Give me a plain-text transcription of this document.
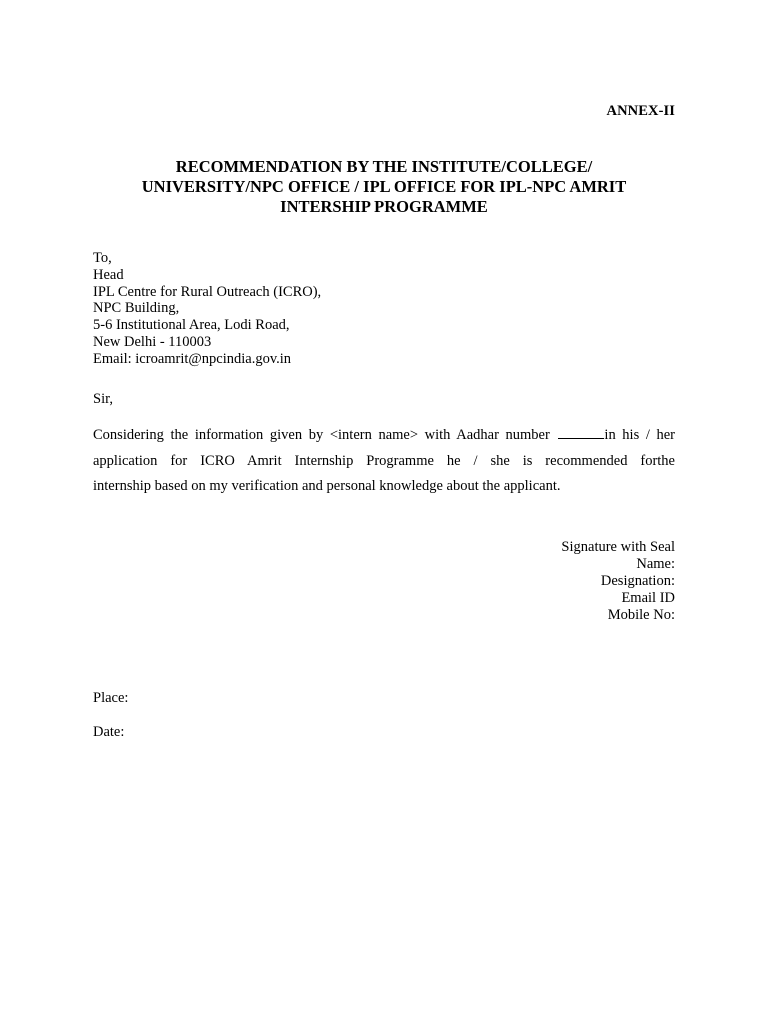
ANNEX-II
RECOMMENDATION BY THE INSTITUTE/COLLEGE/
UNIVERSITY/NPC OFFICE / IPL OFFICE FOR IPL-NPC AMRIT
INTERSHIP PROGRAMME
To,
Head
IPL Centre for Rural Outreach (ICRO),
NPC Building,
5-6 Institutional Area, Lodi Road,
New Delhi - 110003
Email: icroamrit@npcindia.gov.in
Sir,
Considering the information given by <intern name> with Aadhar number	in his / her
application for ICRO Amrit Internship Programme he / she is recommended forthe
internship based on my verification and personal knowledge about the applicant.
Signature with Seal
Name:
Designation:
Email ID
Mobile No:
Place:
Date:
